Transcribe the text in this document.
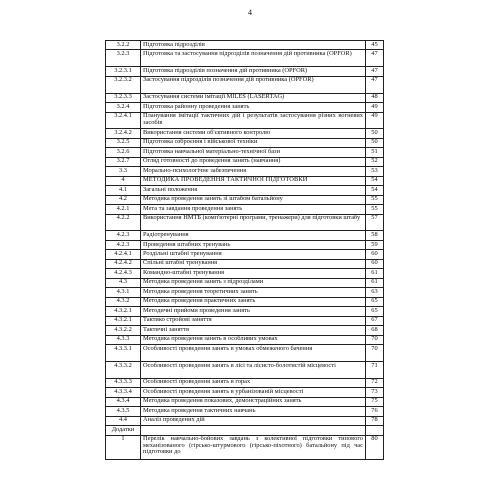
4
3.2.2	Підготовка підрозділів	45
3.2.3	Підготовка та застосування підрозділів позначення дій противника (OPFOR)	47
3.2.3.1	Підготовка підрозділів позначення дій противника (OPFOR)	47
3.2.3.2	Застосування підрозділів позначення дій противника (OPFOR)	47
3.2.3.3	Застосування системи імітації MILES (LASERTAG)	48
3.2.4	Підготовка районну проведення занять	49
3.2.4.1	Планування імітації тактичних дій і результатів застосування різних вогневих засобів	49
3.2.4.2	Використання системи об'єктивного контролю	50
3.2.5	Підготовка озброєння і військової техніки	50
3.2.6	Підготовка навчальної матеріально-технічної бази	51
3.2.7	Огляд готовності до проведення занять (навчання)	52
3.3	Морально-психологічне забезпечення	53
4	МЕТОДИКА ПРОВЕДЕННЯ ТАКТИЧНОЇ ПІДГОТОВКИ	54
4.1	Загальні положення	54
4.2	Методика проведення занять зі штабом батальйону	55
4.2.1	Мета та завдання проведення занять	55
4.2.2	Використання НМТБ (комп'ютерні програми, тренажери) для підготовки штабу	57
4.2.3	Радіотренування	58
4.2.3	Проведення штабних тренувань	59
4.2.4.1	Роздільні штабні тренування	60
4.2.4.2	Спільні штабні тренування	60
4.2.4.3	Командно-штабні тренування	61
4.3	Методика проведення занять з підрозділами	61
4.3.1	Методика проведення теоретичних занять	63
4.3.2	Методика проведення практичних занять	65
4.3.2.1	Методичні прийоми проведення занять	65
4.3.2.1	Тактико стройові заняття	67
4.3.2.2	Тактичні заняття	68
4.3.3	Методика проведення занять в особливих умовах	70
4.3.3.1	Особливості проведення занять в умовах обмеженого бачення	70
4.3.3.2	Особливості проведення занять в лісі та лісисто-болотистій місцевості	71
4.3.3.3	Особливості проведення занять в горах	72
4.3.3.4	Особливості проведення занять в урбанізованій місцевості	73
4.3.4	Методика проведення показових, демонстраційних занять	75
4.3.5	Методика проведення тактичних навчань	76
4.4	Аналіз проведених дій	78
Додатки		
1	Перелік навчально-бойових завдань з колективної підготовки типового механізованого (гірсько-штурмового (гірсько-піхотного) батальйону під час підготовки до	80
